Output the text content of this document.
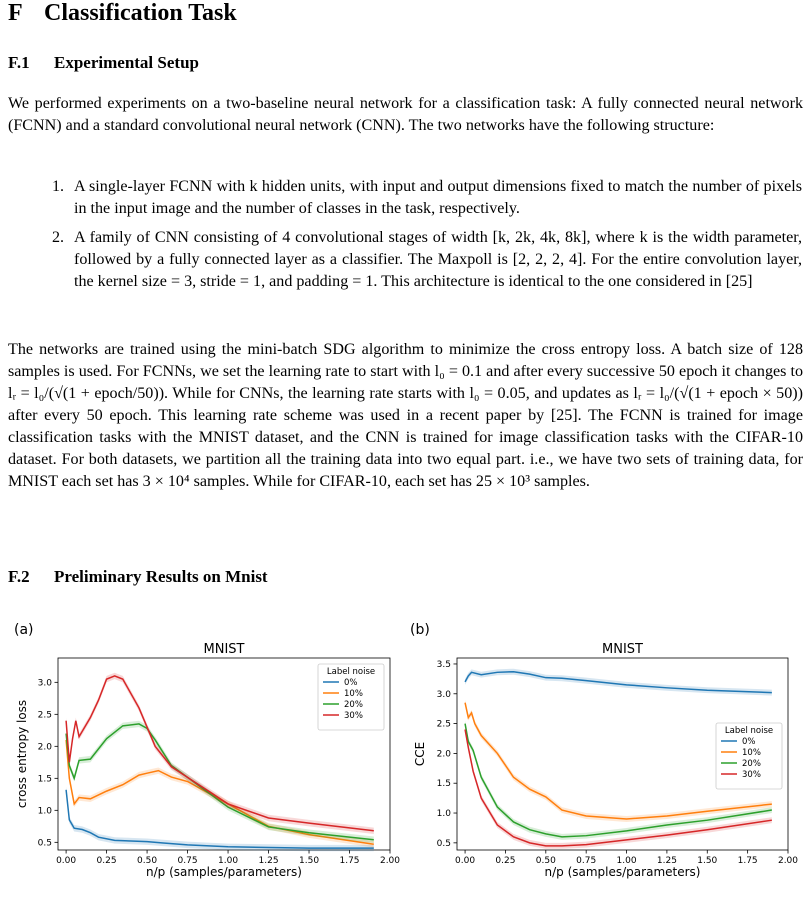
F Classification Task
F.1 Experimental Setup

We performed experiments on a two-baseline neural network for a classification task: A fully connected neural network (FCNN) and a standard convolutional neural network (CNN). The two networks have the following structure:

1. A single-layer FCNN with k hidden units, with input and output dimensions fixed to match the number of pixels in the input image and the number of classes in the task, respectively.
2. A family of CNN consisting of 4 convolutional stages of width [k, 2k, 4k, 8k], where k is the width parameter, followed by a fully connected layer as a classifier. The Maxpoll is [2, 2, 2, 4]. For the entire convolution layer, the kernel size = 3, stride = 1, and padding = 1. This architecture is identical to the one considered in [25]

The networks are trained using the mini-batch SDG algorithm to minimize the cross entropy loss. A batch size of 128 samples is used. For FCNNs, we set the learning rate to start with l₀ = 0.1 and after every successive 50 epoch it changes to lᵣ = l₀/(√(1 + epoch/50)). While for CNNs, the learning rate starts with l₀ = 0.05, and updates as lᵣ = l₀/(√(1 + epoch × 50)) after every 50 epoch. This learning rate scheme was used in a recent paper by [25]. The FCNN is trained for image classification tasks with the MNIST dataset, and the CNN is trained for image classification tasks with the CIFAR-10 dataset. For both datasets, we partition all the training data into two equal part. i.e., we have two sets of training data, for MNIST each set has 3 × 10⁴ samples. While for CIFAR-10, each set has 25 × 10³ samples.

F.2 Preliminary Results on Mnist
(a)	(b)
MNIST
0.00 0.25 0.50 0.75 1.00 1.25 1.50 1.75 2.00
0.5
1.0
1.5
2.0
2.5
3.0
n/p (samples/parameters)
cross entropy loss
Label noise
0%
10%
20%
30%
MNIST
0.00 0.25 0.50 0.75 1.00 1.25 1.50 1.75 2.00
0.5
1.0
1.5
2.0
2.5
3.0
3.5
n/p (samples/parameters)
CCE
Label noise
0%
10%
20%
30%
